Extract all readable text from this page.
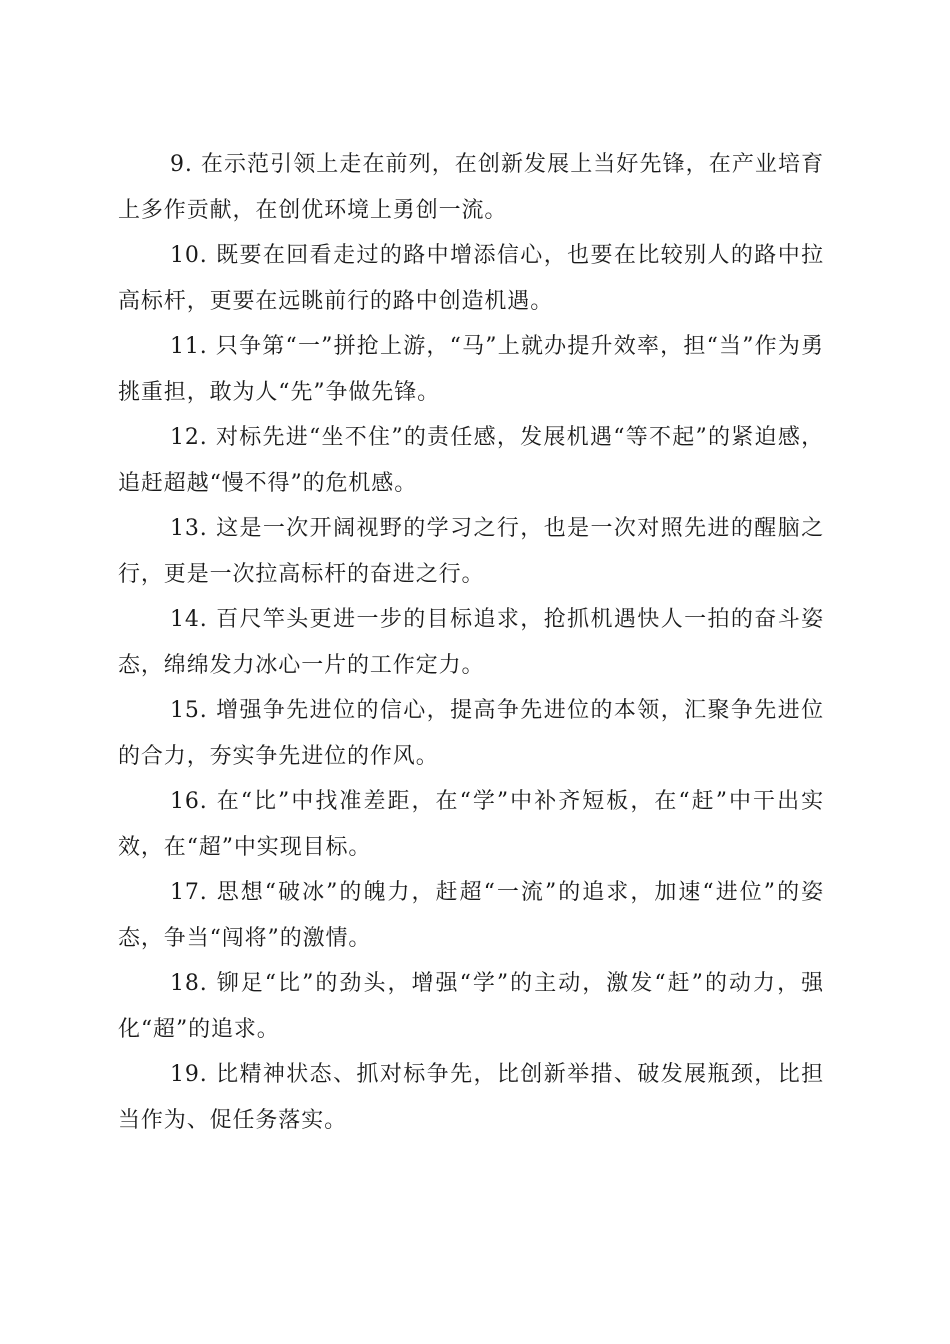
9. 在示范引领上走在前列，在创新发展上当好先锋，在产业培育上多作贡献，在创优环境上勇创一流。

10. 既要在回看走过的路中增添信心，也要在比较别人的路中拉高标杆，更要在远眺前行的路中创造机遇。

11. 只争第“一”拼抢上游，“马”上就办提升效率，担“当”作为勇挑重担，敢为人“先”争做先锋。

12. 对标先进“坐不住”的责任感，发展机遇“等不起”的紧迫感，追赶超越“慢不得”的危机感。

13. 这是一次开阔视野的学习之行，也是一次对照先进的醒脑之行，更是一次拉高标杆的奋进之行。

14. 百尺竿头更进一步的目标追求，抢抓机遇快人一拍的奋斗姿态，绵绵发力冰心一片的工作定力。

15. 增强争先进位的信心，提高争先进位的本领，汇聚争先进位的合力，夯实争先进位的作风。

16. 在“比”中找准差距，在“学”中补齐短板，在“赶”中干出实效，在“超”中实现目标。

17. 思想“破冰”的魄力，赶超“一流”的追求，加速“进位”的姿态，争当“闯将”的激情。

18. 铆足“比”的劲头，增强“学”的主动，激发“赶”的动力，强化“超”的追求。

19. 比精神状态、抓对标争先，比创新举措、破发展瓶颈，比担当作为、促任务落实。
